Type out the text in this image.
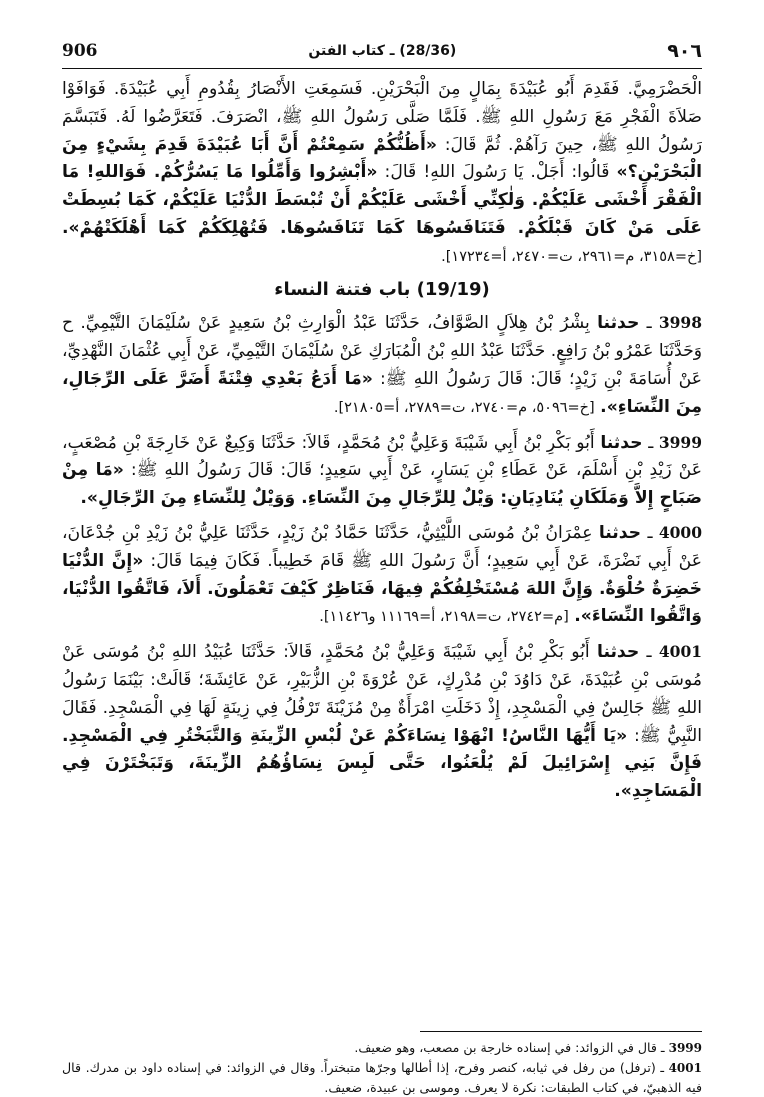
906	(28/36) ـ كتاب الفتن	٩٠٦

الْحَضْرَمِيَّ. فَقَدِمَ أَبُو عُبَيْدَةَ بِمَالٍ مِنَ الْبَحْرَيْنِ. فَسَمِعَتِ الأَنْصَارُ بِقُدُومِ أَبِي عُبَيْدَةَ. فَوَافَوْا صَلاَةَ الْفَجْرِ مَعَ رَسُولِ اللهِ ﷺ. فَلَمَّا صَلَّى رَسُولُ اللهِ ﷺ، انْصَرَفَ. فَتَعَرَّضُوا لَهُ. فَتَبَسَّمَ رَسُولُ اللهِ ﷺ، حِينَ رَآهُمْ. ثُمَّ قَالَ: «أَظُنُّكُمْ سَمِعْتُمْ أَنَّ أَبَا عُبَيْدَةَ قَدِمَ بِشَيْءٍ مِنَ الْبَحْرَيْنِ؟» قَالُوا: أَجَلْ. يَا رَسُولَ اللهِ! قَالَ: «أَبْشِرُوا وَأَمِّلُوا مَا يَسُرُّكُمْ. فَوَاللهِ! مَا الْفَقْرَ أَخْشَى عَلَيْكُمْ. وَلٰكِنِّي أَخْشَى عَلَيْكُمْ أَنْ تُبْسَطَ الدُّنْيَا عَلَيْكُمْ، كَمَا بُسِطَتْ عَلَى مَنْ كَانَ قَبْلَكُمْ. فَتَنَافَسُوهَا كَمَا تَنَافَسُوهَا. فَتُهْلِكَكُمْ كَمَا أَهْلَكَتْهُمْ». [خ=٣١٥٨، م=٢٩٦١، ت=٢٤٧٠، أ=١٧٢٣٤].

(19/19) باب فتنة النساء

3998 ـ حدثنا بِشْرُ بْنُ هِلاَلٍ الصَّوَّافُ، حَدَّثَنَا عَبْدُ الْوَارِثِ بْنُ سَعِيدٍ عَنْ سُلَيْمَانَ التَّيْمِيِّ. ح وَحَدَّثَنَا عَمْرُو بْنُ رَافِعٍ. حَدَّثَنَا عَبْدُ اللهِ بْنُ الْمُبَارَكِ عَنْ سُلَيْمَانَ التَّيْمِيِّ، عَنْ أَبِي عُثْمَانَ النَّهْدِيِّ، عَنْ أُسَامَةَ بْنِ زَيْدٍ؛ قَالَ: قَالَ رَسُولُ اللهِ ﷺ: «مَا أَدَعُ بَعْدِي فِتْنَةً أَضَرَّ عَلَى الرِّجَالِ، مِنَ النِّسَاءِ». [خ=٥٠٩٦، م=٢٧٤٠، ت=٢٧٨٩، أ=٢١٨٠٥].

3999 ـ حدثنا أَبُو بَكْرِ بْنُ أَبِي شَيْبَةَ وَعَلِيُّ بْنُ مُحَمَّدٍ، قَالاَ: حَدَّثَنَا وَكِيعٌ عَنْ خَارِجَةَ بْنِ مُصْعَبٍ، عَنْ زَيْدِ بْنِ أَسْلَمَ، عَنْ عَطَاءِ بْنِ يَسَارٍ، عَنْ أَبِي سَعِيدٍ؛ قَالَ: قَالَ رَسُولُ اللهِ ﷺ: «مَا مِنْ صَبَاحٍ إِلاَّ وَمَلَكَانِ يُنَادِيَانِ: وَيْلٌ لِلرِّجَالِ مِنَ النِّسَاءِ. وَوَيْلٌ لِلنِّسَاءِ مِنَ الرِّجَالِ».

4000 ـ حدثنا عِمْرَانُ بْنُ مُوسَى اللَّيْثِيُّ، حَدَّثَنَا حَمَّادُ بْنُ زَيْدٍ، حَدَّثَنَا عَلِيُّ بْنُ زَيْدِ بْنِ جُدْعَانَ، عَنْ أَبِي نَضْرَةَ، عَنْ أَبِي سَعِيدٍ؛ أَنَّ رَسُولَ اللهِ ﷺ قَامَ خَطِيباً. فَكَانَ فِيمَا قَالَ: «إِنَّ الدُّنْيَا خَضِرَةٌ حُلْوَةٌ. وَإِنَّ اللهَ مُسْتَخْلِفُكُمْ فِيهَا، فَنَاظِرٌ كَيْفَ تَعْمَلُونَ. أَلاَ، فَاتَّقُوا الدُّنْيَا، وَاتَّقُوا النِّسَاءَ». [م=٢٧٤٢، ت=٢١٩٨، أ=١١١٦٩ و١١٤٢٦].

4001 ـ حدثنا أَبُو بَكْرِ بْنُ أَبِي شَيْبَةَ وَعَلِيُّ بْنُ مُحَمَّدٍ، قَالاَ: حَدَّثَنَا عُبَيْدُ اللهِ بْنُ مُوسَى عَنْ مُوسَى بْنِ عُبَيْدَةَ، عَنْ دَاوُدَ بْنِ مُدْرِكٍ، عَنْ عُرْوَةَ بْنِ الزُّبَيْرِ، عَنْ عَائِشَةَ؛ قَالَتْ: بَيْنَمَا رَسُولُ اللهِ ﷺ جَالِسٌ فِي الْمَسْجِدِ، إِذْ دَخَلَتِ امْرَأَةٌ مِنْ مُزَيْنَةَ تَرْفُلُ فِي زِينَةٍ لَهَا فِي الْمَسْجِدِ. فَقَالَ النَّبِيُّ ﷺ: «يَا أَيُّهَا النَّاسُ! انْهَوْا نِسَاءَكُمْ عَنْ لُبْسِ الزِّينَةِ وَالتَّبَخْتُرِ فِي الْمَسْجِدِ. فَإِنَّ بَنِي إِسْرَائِيلَ لَمْ يُلْعَنُوا، حَتَّى لَبِسَ نِسَاؤُهُمُ الزِّينَةَ، وَتَبَخْتَرْنَ فِي الْمَسَاجِدِ».

3999 ـ قال في الزوائد: في إسناده خارجة بن مصعب، وهو ضعيف.

4001 ـ (ترفل) من رفل في ثيابه، كنصر وفرح، إذا أطالها وجرّها متبختراً. وقال في الزوائد: في إسناده داود بن مدرك. قال فيه الذهبيّ، في كتاب الطبقات: نكرة لا يعرف. وموسى بن عبيدة، ضعيف.
